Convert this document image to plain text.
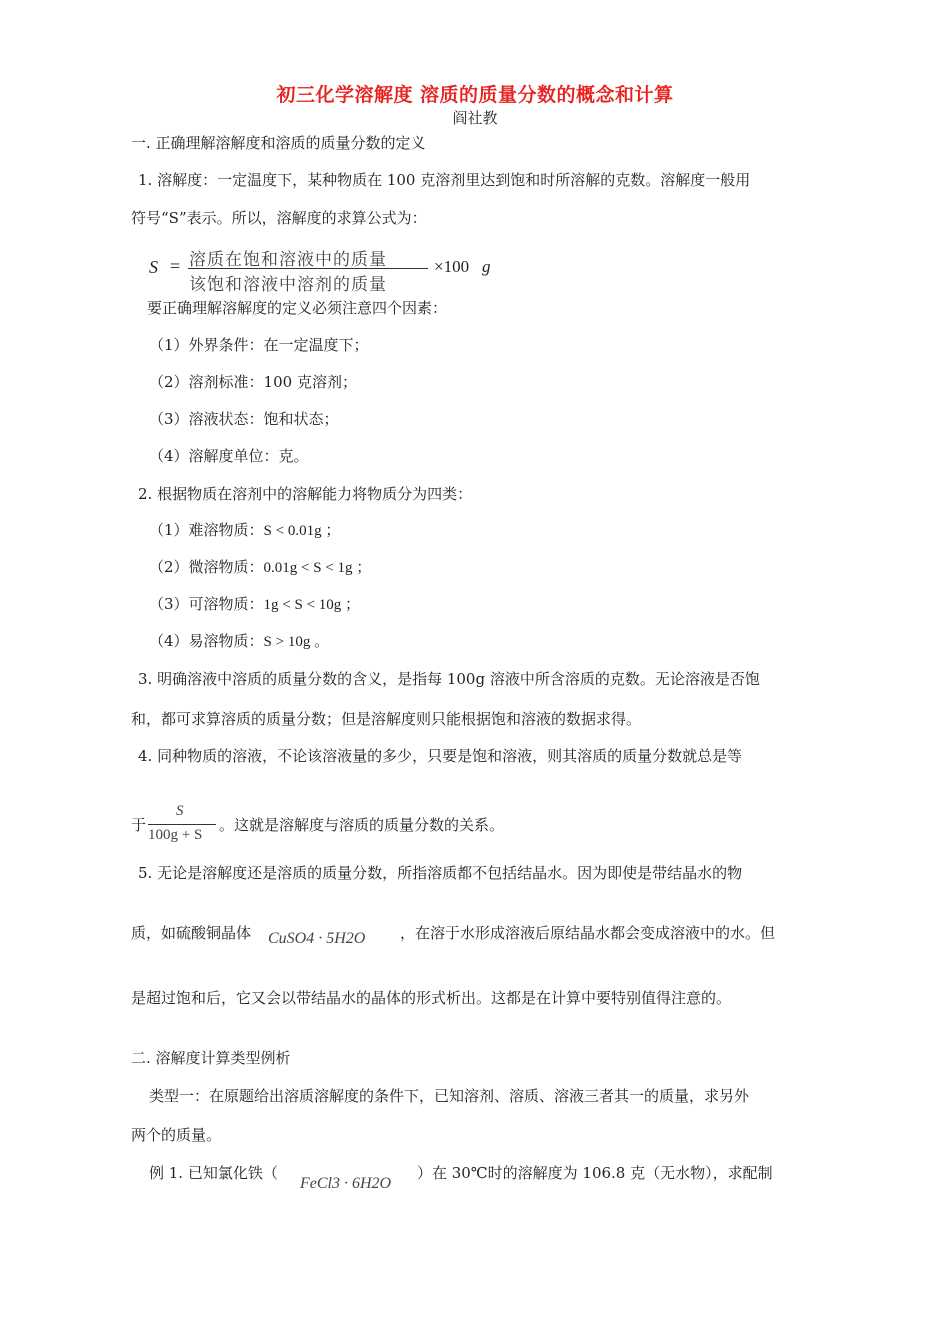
初三化学溶解度 溶质的质量分数的概念和计算
阎社教
一. 正确理解溶解度和溶质的质量分数的定义
1. 溶解度：一定温度下，某种物质在 100 克溶剂里达到饱和时所溶解的克数。溶解度一般用
符号“S”表示。所以，溶解度的求算公式为：
S = 溶质在饱和溶液中的质量
该饱和溶液中溶剂的质量
×100 g
要正确理解溶解度的定义必须注意四个因素：
（1）外界条件：在一定温度下；
（2）溶剂标准：100 克溶剂；
（3）溶液状态：饱和状态；
（4）溶解度单位：克。
2. 根据物质在溶剂中的溶解能力将物质分为四类：
（1）难溶物质：S < 0.01g ；
（2）微溶物质：0.01g < S < 1g ；
（3）可溶物质：1g < S < 10g ；
（4）易溶物质：S > 10g 。
3. 明确溶液中溶质的质量分数的含义，是指每 100g 溶液中所含溶质的克数。无论溶液是否饱
和，都可求算溶质的质量分数；但是溶解度则只能根据饱和溶液的数据求得。
4. 同种物质的溶液，不论该溶液量的多少，只要是饱和溶液，则其溶质的质量分数就总是等
于
S
100g + S
。这就是溶解度与溶质的质量分数的关系。
5. 无论是溶解度还是溶质的质量分数，所指溶质都不包括结晶水。因为即使是带结晶水的物
质，如硫酸铜晶体 CuSO4 · 5H2O ，在溶于水形成溶液后原结晶水都会变成溶液中的水。但
是超过饱和后，它又会以带结晶水的晶体的形式析出。这都是在计算中要特别值得注意的。
二. 溶解度计算类型例析
类型一：在原题给出溶质溶解度的条件下，已知溶剂、溶质、溶液三者其一的质量，求另外
两个的质量。
例 1. 已知氯化铁（
FeCl3 · 6H2O
）在 30℃时的溶解度为 106.8 克（无水物），求配制
